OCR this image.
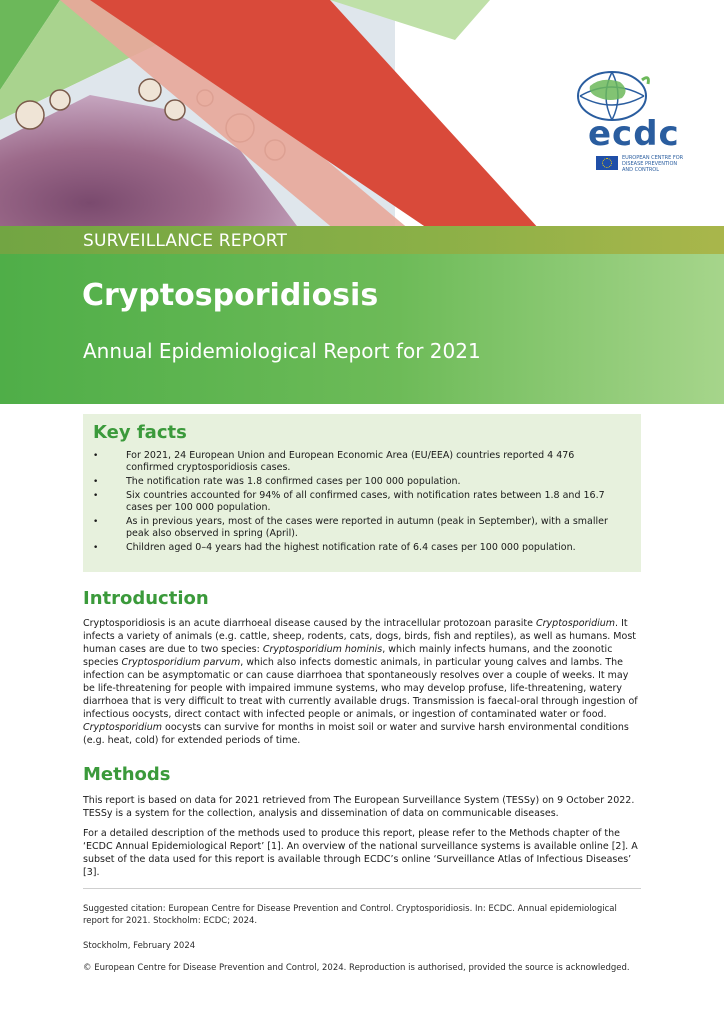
ecdc
EUROPEAN CENTRE FOR
DISEASE PREVENTION
AND CONTROL
SURVEILLANCE REPORT
Cryptosporidiosis
Annual Epidemiological Report for 2021
Key facts
•	For 2021, 24 European Union and European Economic Area (EU/EEA) countries reported 4 476 confirmed cryptosporidiosis cases.
•	The notification rate was 1.8 confirmed cases per 100 000 population.
•	Six countries accounted for 94% of all confirmed cases, with notification rates between 1.8 and 16.7 cases per 100 000 population.
•	As in previous years, most of the cases were reported in autumn (peak in September), with a smaller peak also observed in spring (April).
•	Children aged 0–4 years had the highest notification rate of 6.4 cases per 100 000 population.
Introduction

Cryptosporidiosis is an acute diarrhoeal disease caused by the intracellular protozoan parasite Cryptosporidium. It infects a variety of animals (e.g. cattle, sheep, rodents, cats, dogs, birds, fish and reptiles), as well as humans. Most human cases are due to two species: Cryptosporidium hominis, which mainly infects humans, and the zoonotic species Cryptosporidium parvum, which also infects domestic animals, in particular young calves and lambs. The infection can be asymptomatic or can cause diarrhoea that spontaneously resolves over a couple of weeks. It may be life-threatening for people with impaired immune systems, who may develop profuse, life-threatening, watery diarrhoea that is very difficult to treat with currently available drugs. Transmission is faecal-oral through ingestion of infectious oocysts, direct contact with infected people or animals, or ingestion of contaminated water or food. Cryptosporidium oocysts can survive for months in moist soil or water and survive harsh environmental conditions (e.g. heat, cold) for extended periods of time.

Methods

This report is based on data for 2021 retrieved from The European Surveillance System (TESSy) on 9 October 2022. TESSy is a system for the collection, analysis and dissemination of data on communicable diseases.

For a detailed description of the methods used to produce this report, please refer to the Methods chapter of the ‘ECDC Annual Epidemiological Report’ [1]. An overview of the national surveillance systems is available online [2]. A subset of the data used for this report is available through ECDC’s online ‘Surveillance Atlas of Infectious Diseases’ [3].

Suggested citation: European Centre for Disease Prevention and Control. Cryptosporidiosis. In: ECDC. Annual epidemiological report for 2021. Stockholm: ECDC; 2024.
Stockholm, February 2024
© European Centre for Disease Prevention and Control, 2024. Reproduction is authorised, provided the source is acknowledged.
